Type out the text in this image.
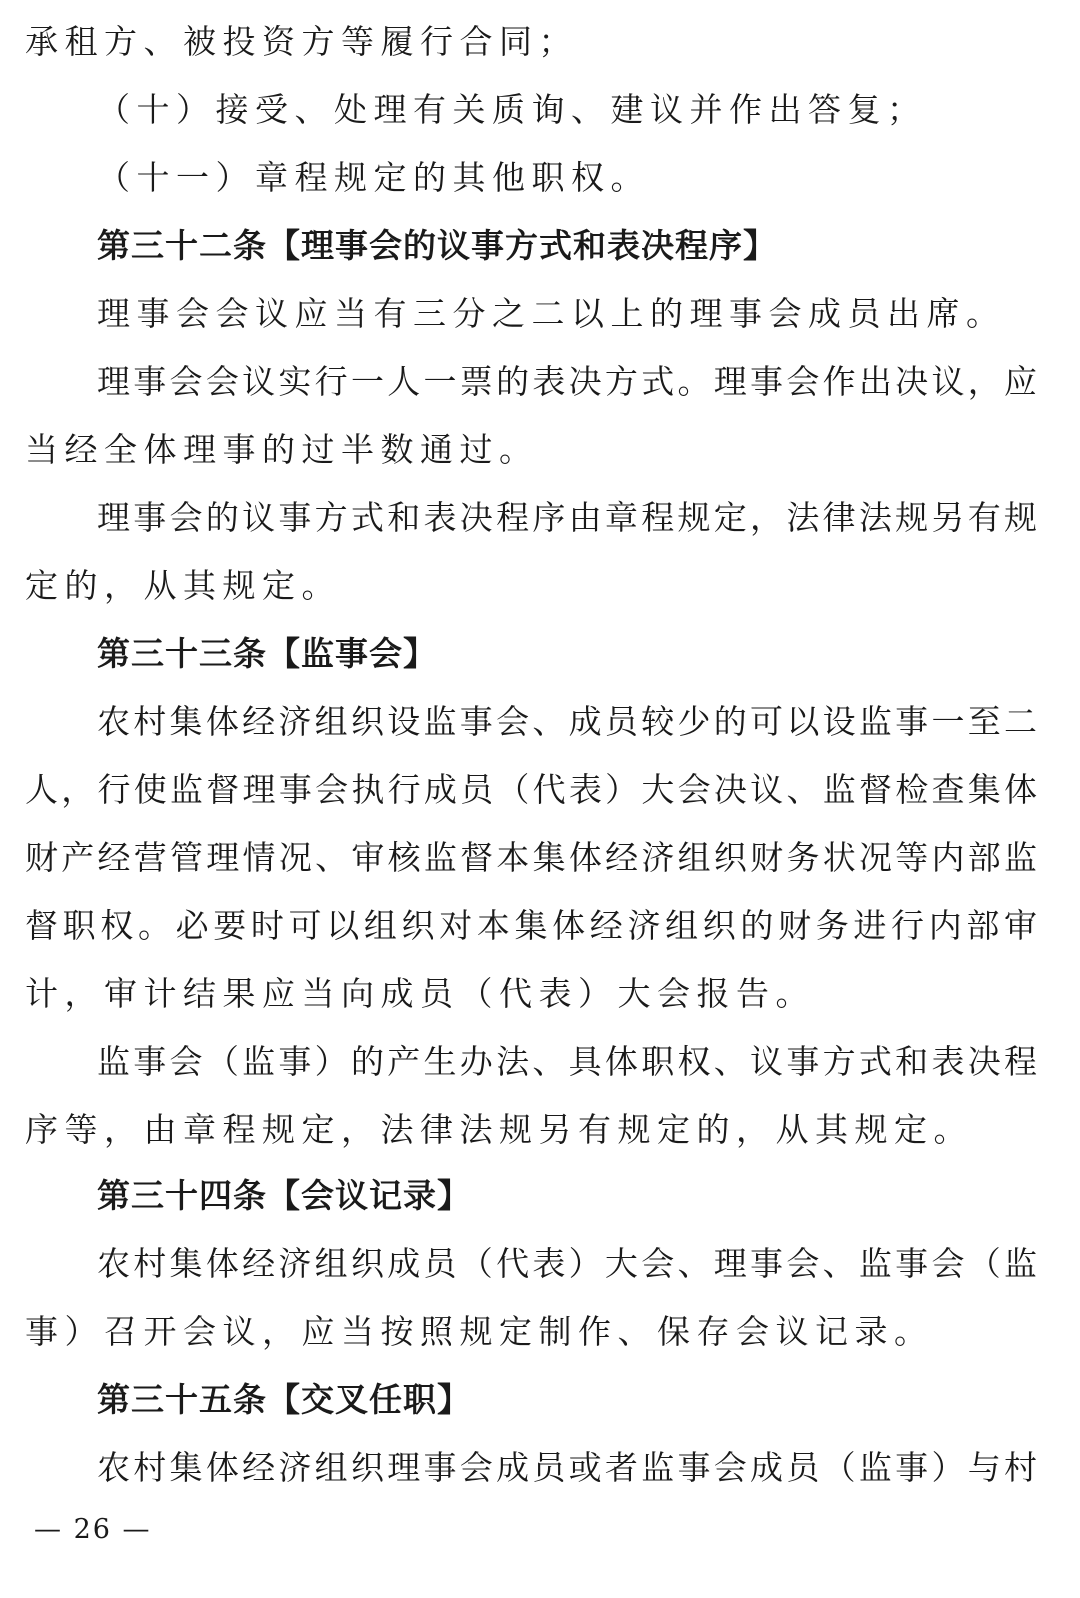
承租方、被投资方等履行合同；
（十）接受、处理有关质询、建议并作出答复；
（十一）章程规定的其他职权。
第三十二条【理事会的议事方式和表决程序】
理事会会议应当有三分之二以上的理事会成员出席。
理事会会议实行一人一票的表决方式。理事会作出决议，应
当经全体理事的过半数通过。
理事会的议事方式和表决程序由章程规定，法律法规另有规
定的，从其规定。
第三十三条【监事会】
农村集体经济组织设监事会、成员较少的可以设监事一至二
人，行使监督理事会执行成员（代表）大会决议、监督检查集体
财产经营管理情况、审核监督本集体经济组织财务状况等内部监
督职权。必要时可以组织对本集体经济组织的财务进行内部审
计，审计结果应当向成员（代表）大会报告。
监事会（监事）的产生办法、具体职权、议事方式和表决程
序等，由章程规定，法律法规另有规定的，从其规定。
第三十四条【会议记录】
农村集体经济组织成员（代表）大会、理事会、监事会（监
事）召开会议，应当按照规定制作、保存会议记录。
第三十五条【交叉任职】
农村集体经济组织理事会成员或者监事会成员（监事）与村
— 26 —
